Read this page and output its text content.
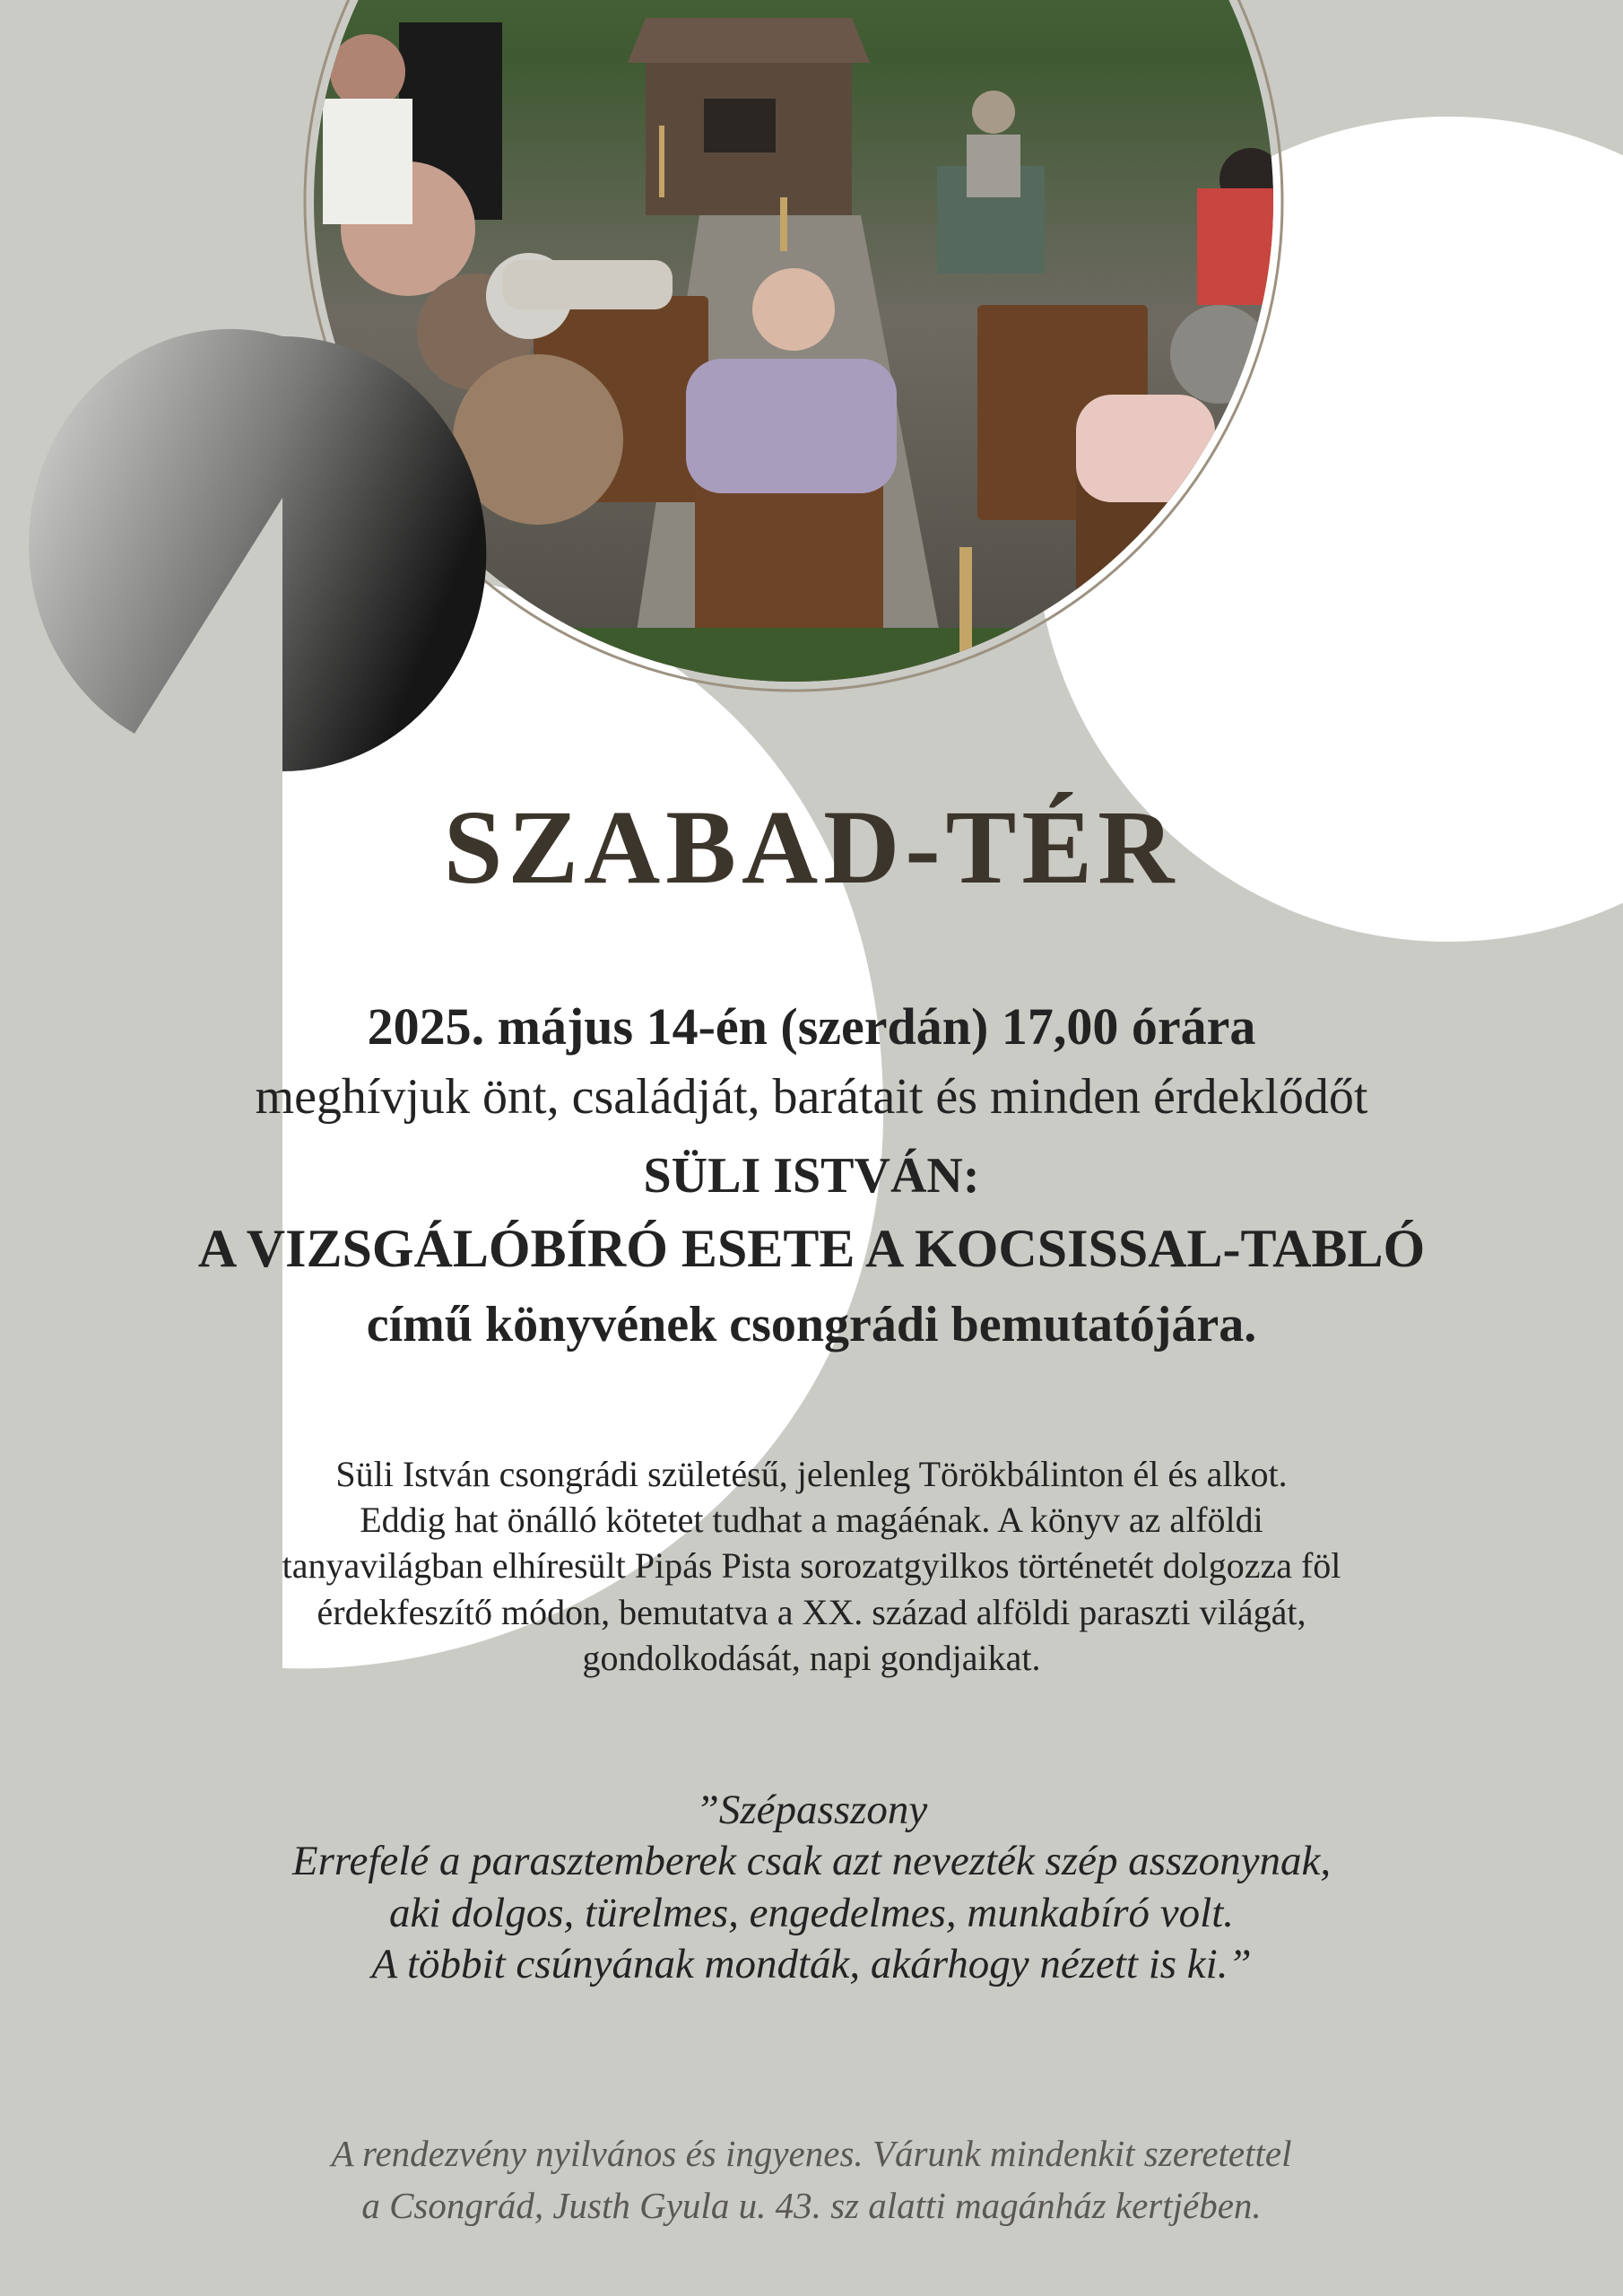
SZABAD-TÉR

2025. május 14-én (szerdán) 17,00 órára

meghívjuk önt, családját, barátait és minden érdeklődőt

SÜLI ISTVÁN:

A VIZSGÁLÓBÍRÓ ESETE A KOCSISSAL-TABLÓ

című könyvének csongrádi bemutatójára.

Süli István csongrádi születésű, jelenleg Törökbálinton él és alkot.
Eddig hat önálló kötetet tudhat a magáénak. A könyv az alföldi
tanyavilágban elhíresült Pipás Pista sorozatgyilkos történetét dolgozza föl
érdekfeszítő módon, bemutatva a XX. század alföldi paraszti világát,
gondolkodását, napi gondjaikat.
”Szépasszony
Errefelé a parasztemberek csak azt nevezték szép asszonynak,
aki dolgos, türelmes, engedelmes, munkabíró volt.
A többit csúnyának mondták, akárhogy nézett is ki.”
A rendezvény nyilvános és ingyenes. Várunk mindenkit szeretettel
a Csongrád, Justh Gyula u. 43. sz alatti magánház kertjében.
